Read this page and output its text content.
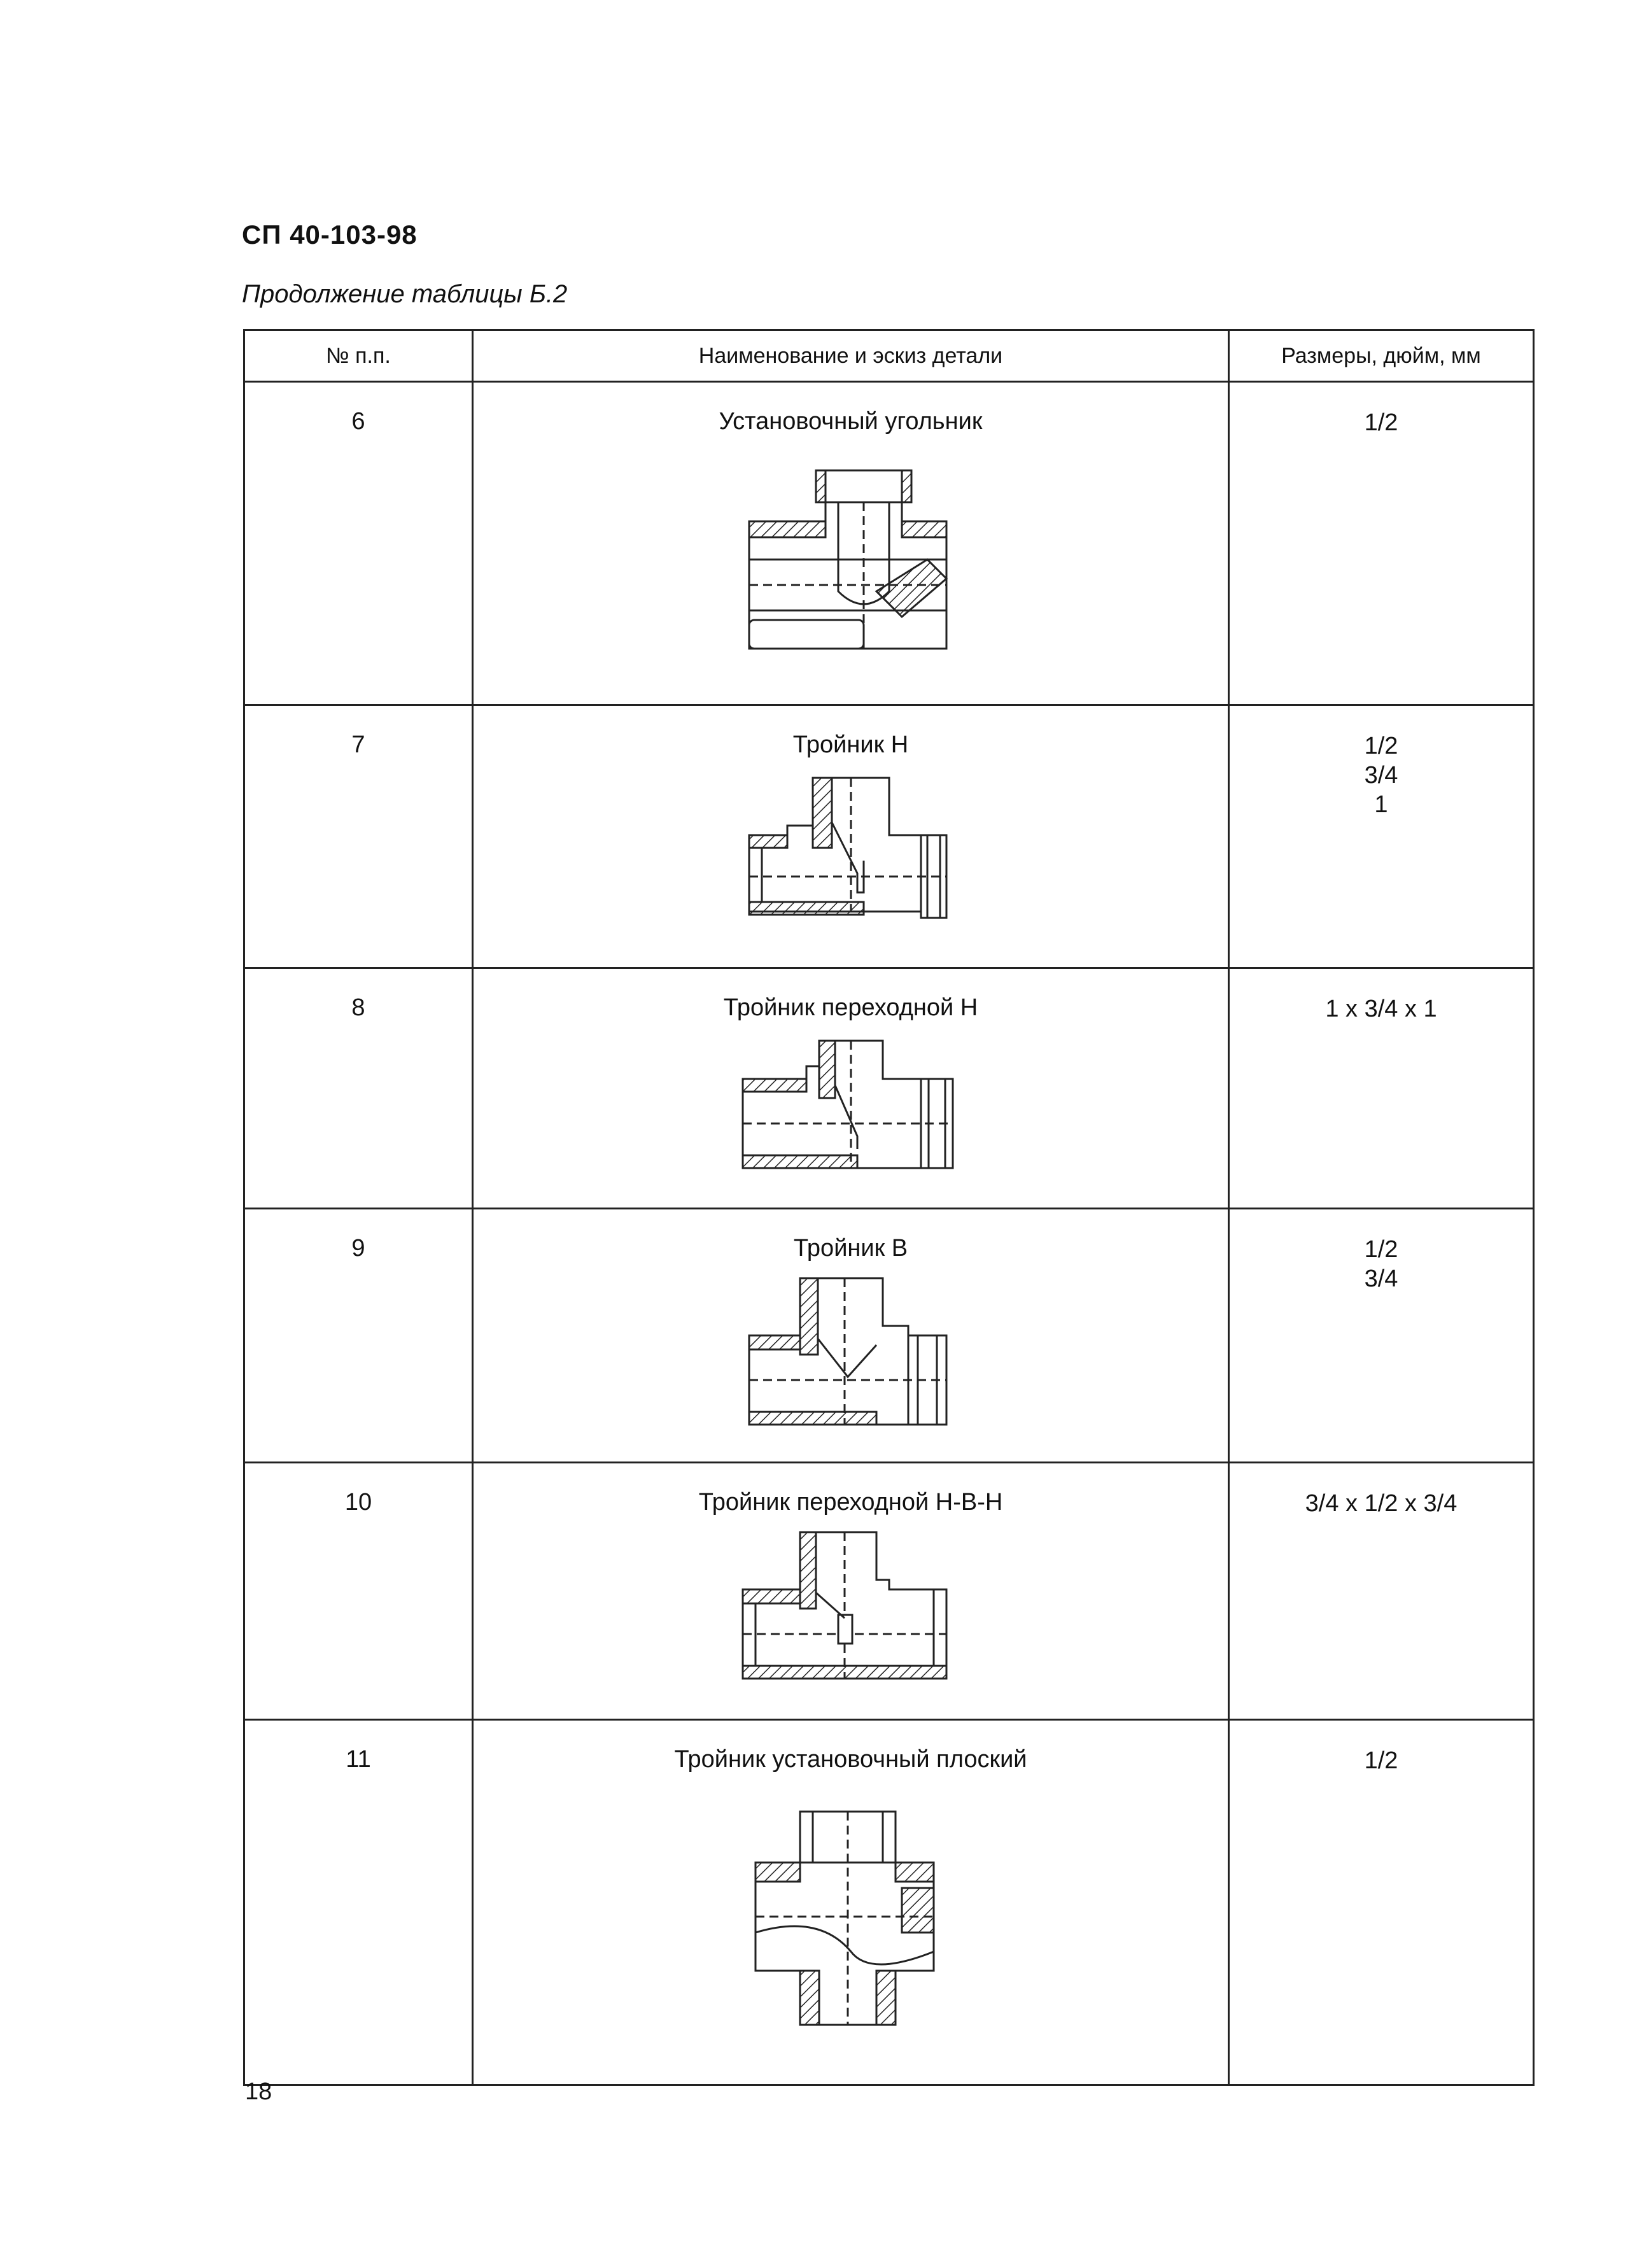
СП 40-103-98
Продолжение таблицы Б.2
№ п.п.	Наименование и эскиз детали	Размеры, дюйм, мм
6	Установочный угольник	1/2

7	Тройник Н	1/2
3/4
1

8	Тройник переходной Н	1 х 3/4 х 1

9	Тройник В	1/2
3/4

10	Тройник переходной Н-В-Н	3/4 х 1/2 х 3/4

11	Тройник установочный плоский	1/2
18
